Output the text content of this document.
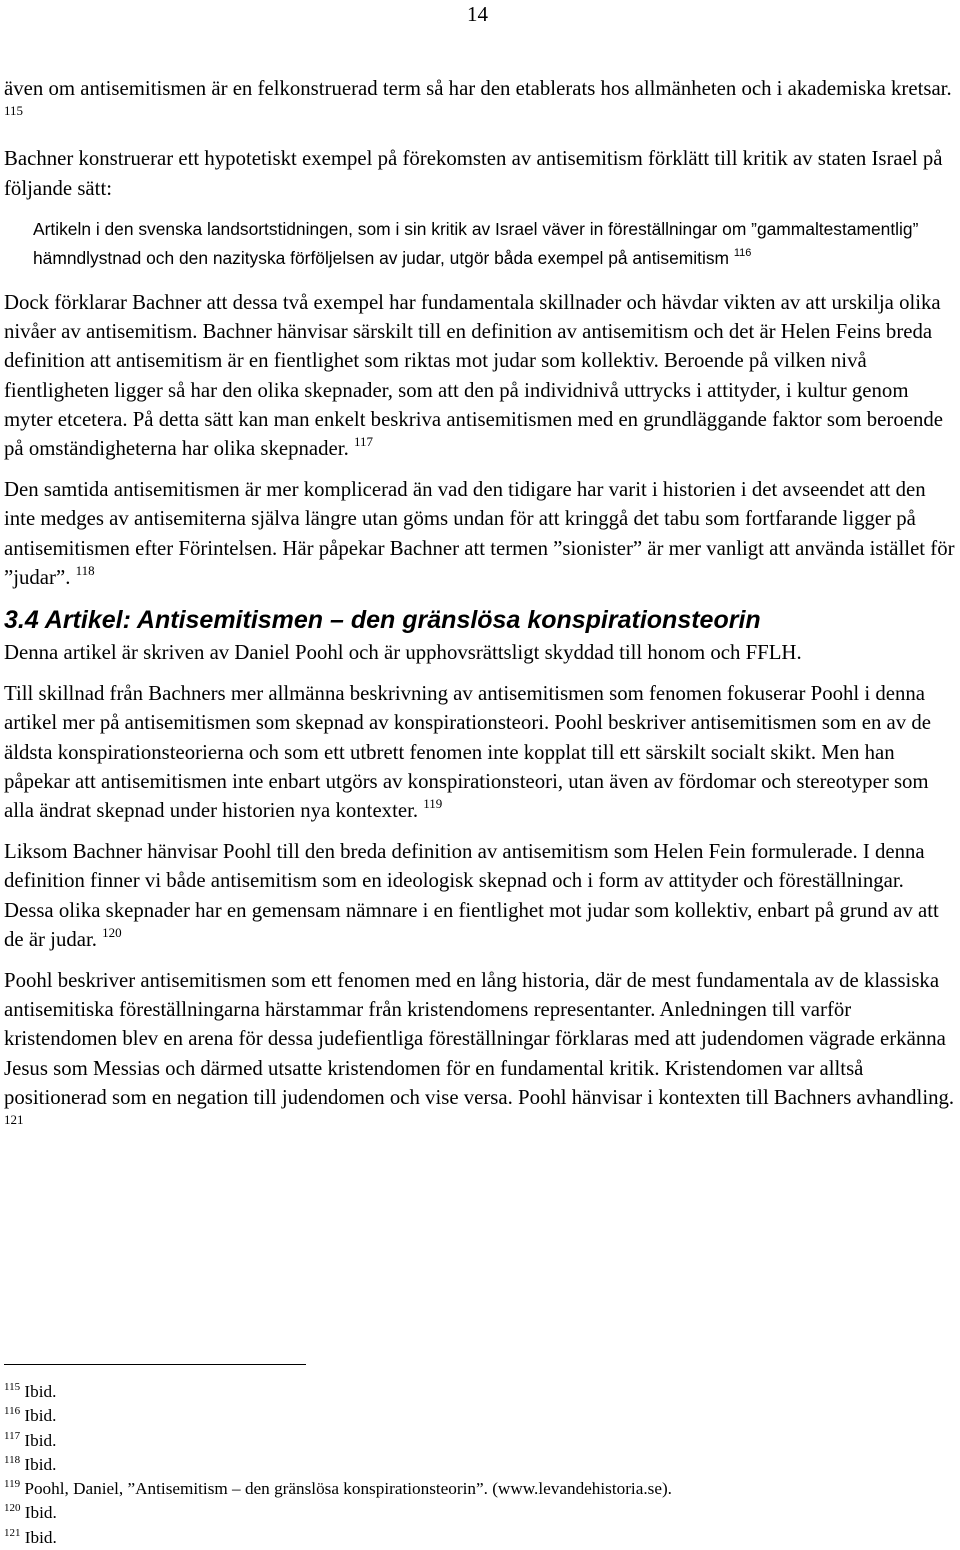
14

även om antisemitismen är en felkonstruerad term så har den etablerats hos allmänheten och i akademiska kretsar. $^{115}$

Bachner konstruerar ett hypotetiskt exempel på förekomsten av antisemitism förklätt till kritik av staten Israel på följande sätt:

Artikeln i den svenska landsortstidningen, som i sin kritik av Israel väver in föreställningar om ”gammaltestamentlig” hämndlystnad och den nazityska förföljelsen av judar, utgör båda exempel på antisemitism $^{116}$

Dock förklarar Bachner att dessa två exempel har fundamentala skillnader och hävdar vikten av att urskilja olika nivåer av antisemitism. Bachner hänvisar särskilt till en definition av antisemitism och det är Helen Feins breda definition att antisemitism är en fientlighet som riktas mot judar som kollektiv. Beroende på vilken nivå fientligheten ligger så har den olika skepnader, som att den på individnivå uttrycks i attityder, i kultur genom myter etcetera. På detta sätt kan man enkelt beskriva antisemitismen med en grundläggande faktor som beroende på omständigheterna har olika skepnader. $^{117}$

Den samtida antisemitismen är mer komplicerad än vad den tidigare har varit i historien i det avseendet att den inte medges av antisemiterna själva längre utan göms undan för att kringgå det tabu som fortfarande ligger på antisemitismen efter Förintelsen. Här påpekar Bachner att termen ”sionister” är mer vanligt att använda istället för ”judar”. $^{118}$

3.4 Artikel: Antisemitismen – den gränslösa konspirationsteorin

Denna artikel är skriven av Daniel Poohl och är upphovsrättsligt skyddad till honom och FFLH.

Till skillnad från Bachners mer allmänna beskrivning av antisemitismen som fenomen fokuserar Poohl i denna artikel mer på antisemitismen som skepnad av konspirationsteori. Poohl beskriver antisemitismen som en av de äldsta konspirationsteorierna och som ett utbrett fenomen inte kopplat till ett särskilt socialt skikt. Men han påpekar att antisemitismen inte enbart utgörs av konspirationsteori, utan även av fördomar och stereotyper som alla ändrat skepnad under historien nya kontexter. $^{119}$

Liksom Bachner hänvisar Poohl till den breda definition av antisemitism som Helen Fein formulerade. I denna definition finner vi både antisemitism som en ideologisk skepnad och i form av attityder och föreställningar. Dessa olika skepnader har en gemensam nämnare i en fientlighet mot judar som kollektiv, enbart på grund av att de är judar. $^{120}$

Poohl beskriver antisemitismen som ett fenomen med en lång historia, där de mest fundamentala av de klassiska antisemitiska föreställningarna härstammar från kristendomens representanter. Anledningen till varför kristendomen blev en arena för dessa judefientliga föreställningar förklaras med att judendomen vägrade erkänna Jesus som Messias och därmed utsatte kristendomen för en fundamental kritik. Kristendomen var alltså positionerad som en negation till judendomen och vise versa. Poohl hänvisar i kontexten till Bachners avhandling. $^{121}$

$^{115}$ Ibid.
$^{116}$ Ibid.
$^{117}$ Ibid.
$^{118}$ Ibid.
$^{119}$ Poohl, Daniel, ”Antisemitism – den gränslösa konspirationsteorin”. (www.levandehistoria.se).
$^{120}$ Ibid.
$^{121}$ Ibid.
